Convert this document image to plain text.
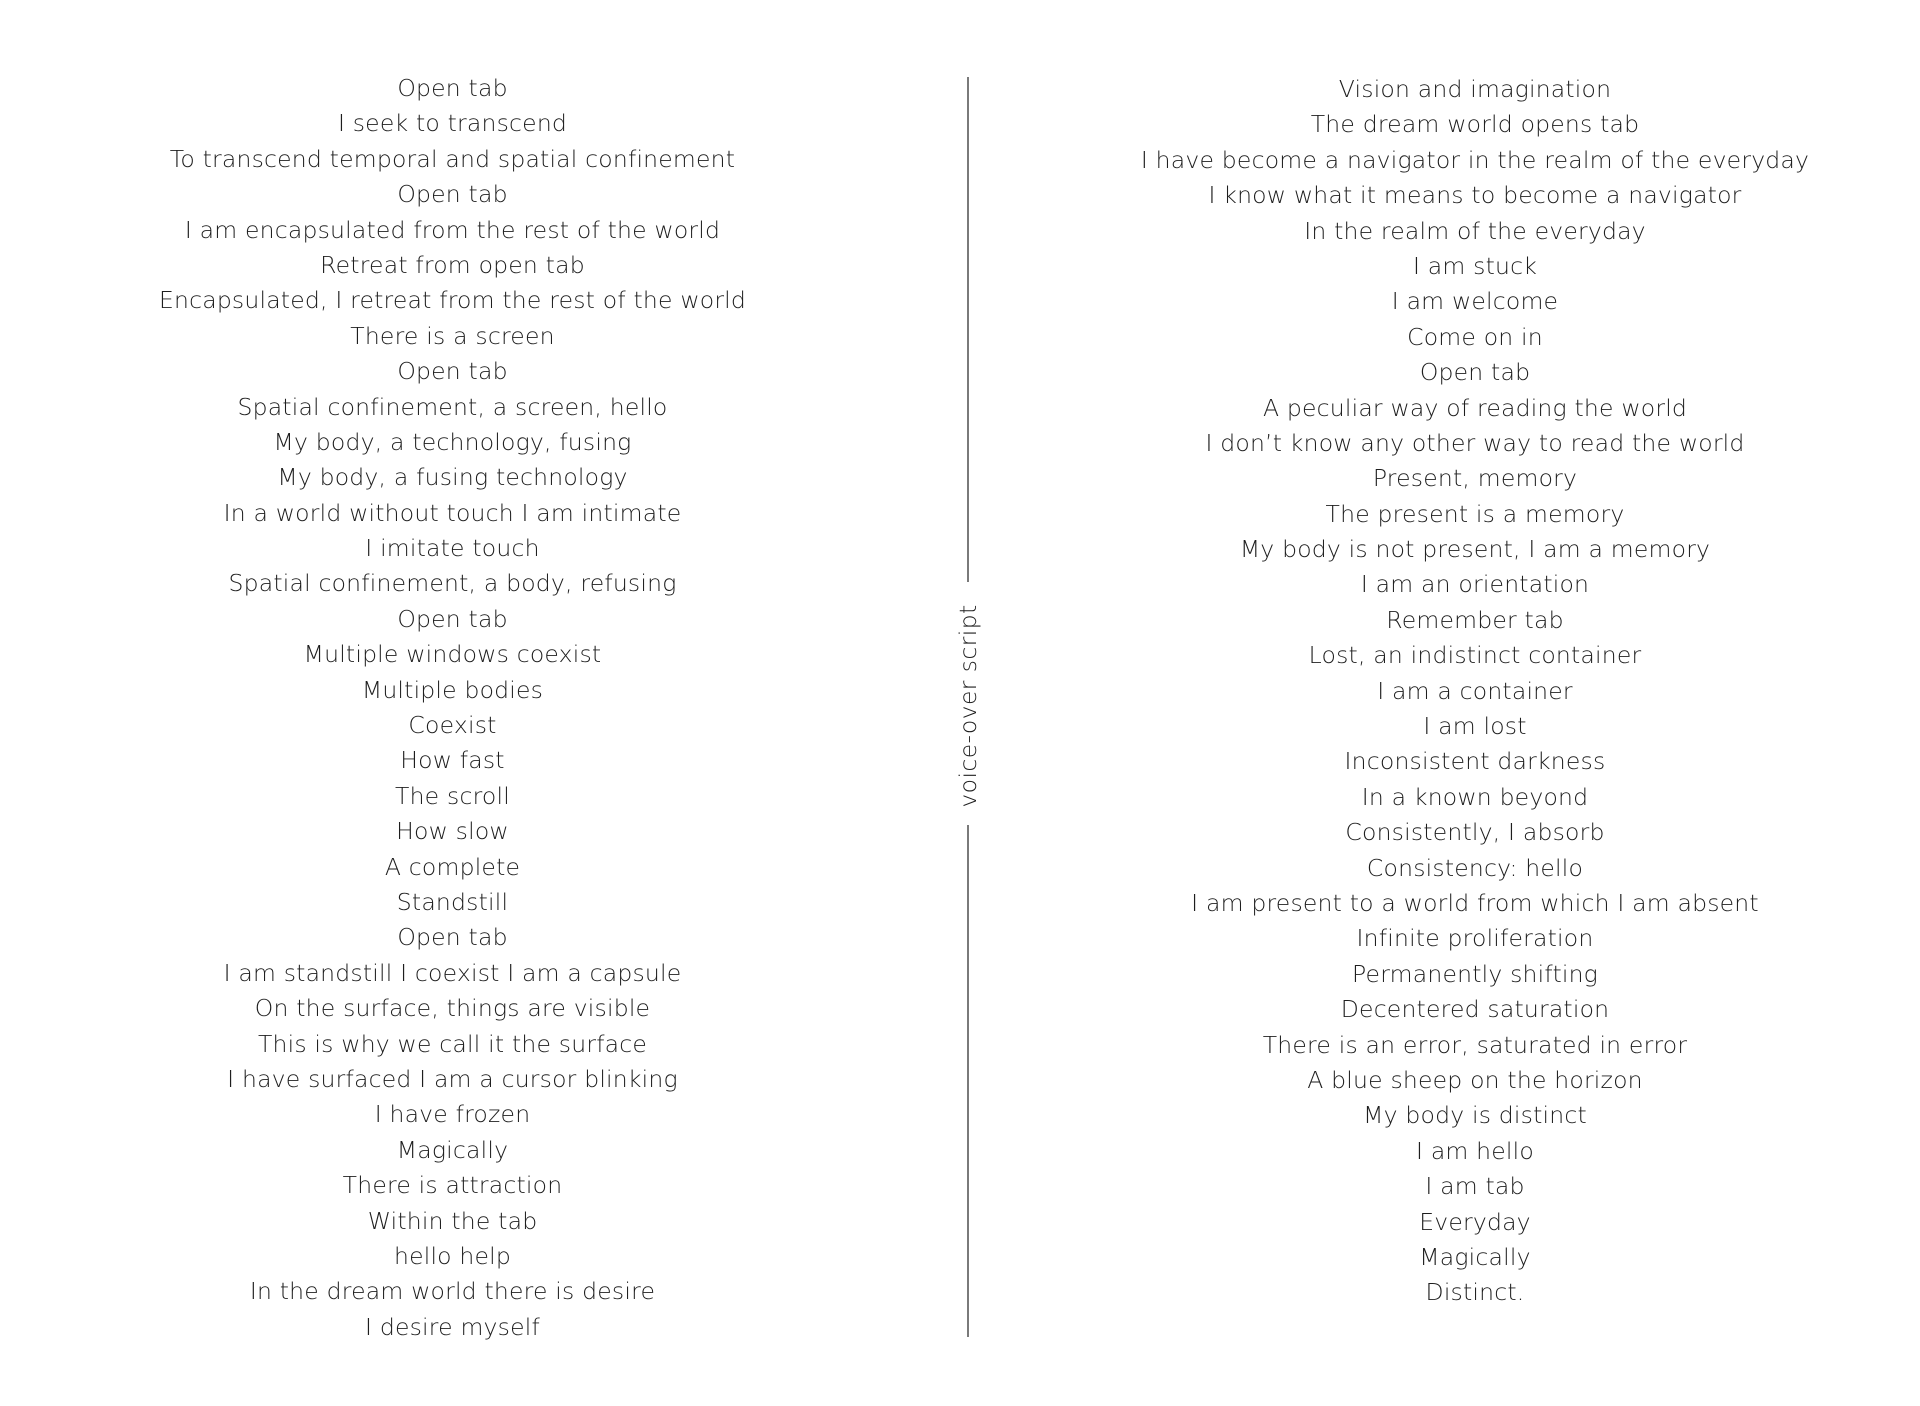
Open tab
I seek to transcend
To transcend temporal and spatial confinement
Open tab
I am encapsulated from the rest of the world
Retreat from open tab
Encapsulated, I retreat from the rest of the world
There is a screen
Open tab
Spatial confinement, a screen, hello
My body, a technology, fusing
My body, a fusing technology
In a world without touch I am intimate
I imitate touch
Spatial confinement, a body, refusing
Open tab
Multiple windows coexist
Multiple bodies
Coexist
How fast
The scroll
How slow
A complete
Standstill
Open tab
I am standstill I coexist I am a capsule
On the surface, things are visible
This is why we call it the surface
I have surfaced I am a cursor blinking
I have frozen
Magically
There is attraction
Within the tab
hello help
In the dream world there is desire
I desire myself
voice-over script
Vision and imagination
The dream world opens tab
I have become a navigator in the realm of the everyday
I know what it means to become a navigator
In the realm of the everyday
I am stuck
I am welcome
Come on in
Open tab
A peculiar way of reading the world
I don’t know any other way to read the world
Present, memory
The present is a memory
My body is not present, I am a memory
I am an orientation
Remember tab
Lost, an indistinct container
I am a container
I am lost
Inconsistent darkness
In a known beyond
Consistently, I absorb
Consistency: hello
I am present to a world from which I am absent
Infinite proliferation
Permanently shifting
Decentered saturation
There is an error, saturated in error
A blue sheep on the horizon
My body is distinct
I am hello
I am tab
Everyday
Magically
Distinct.
